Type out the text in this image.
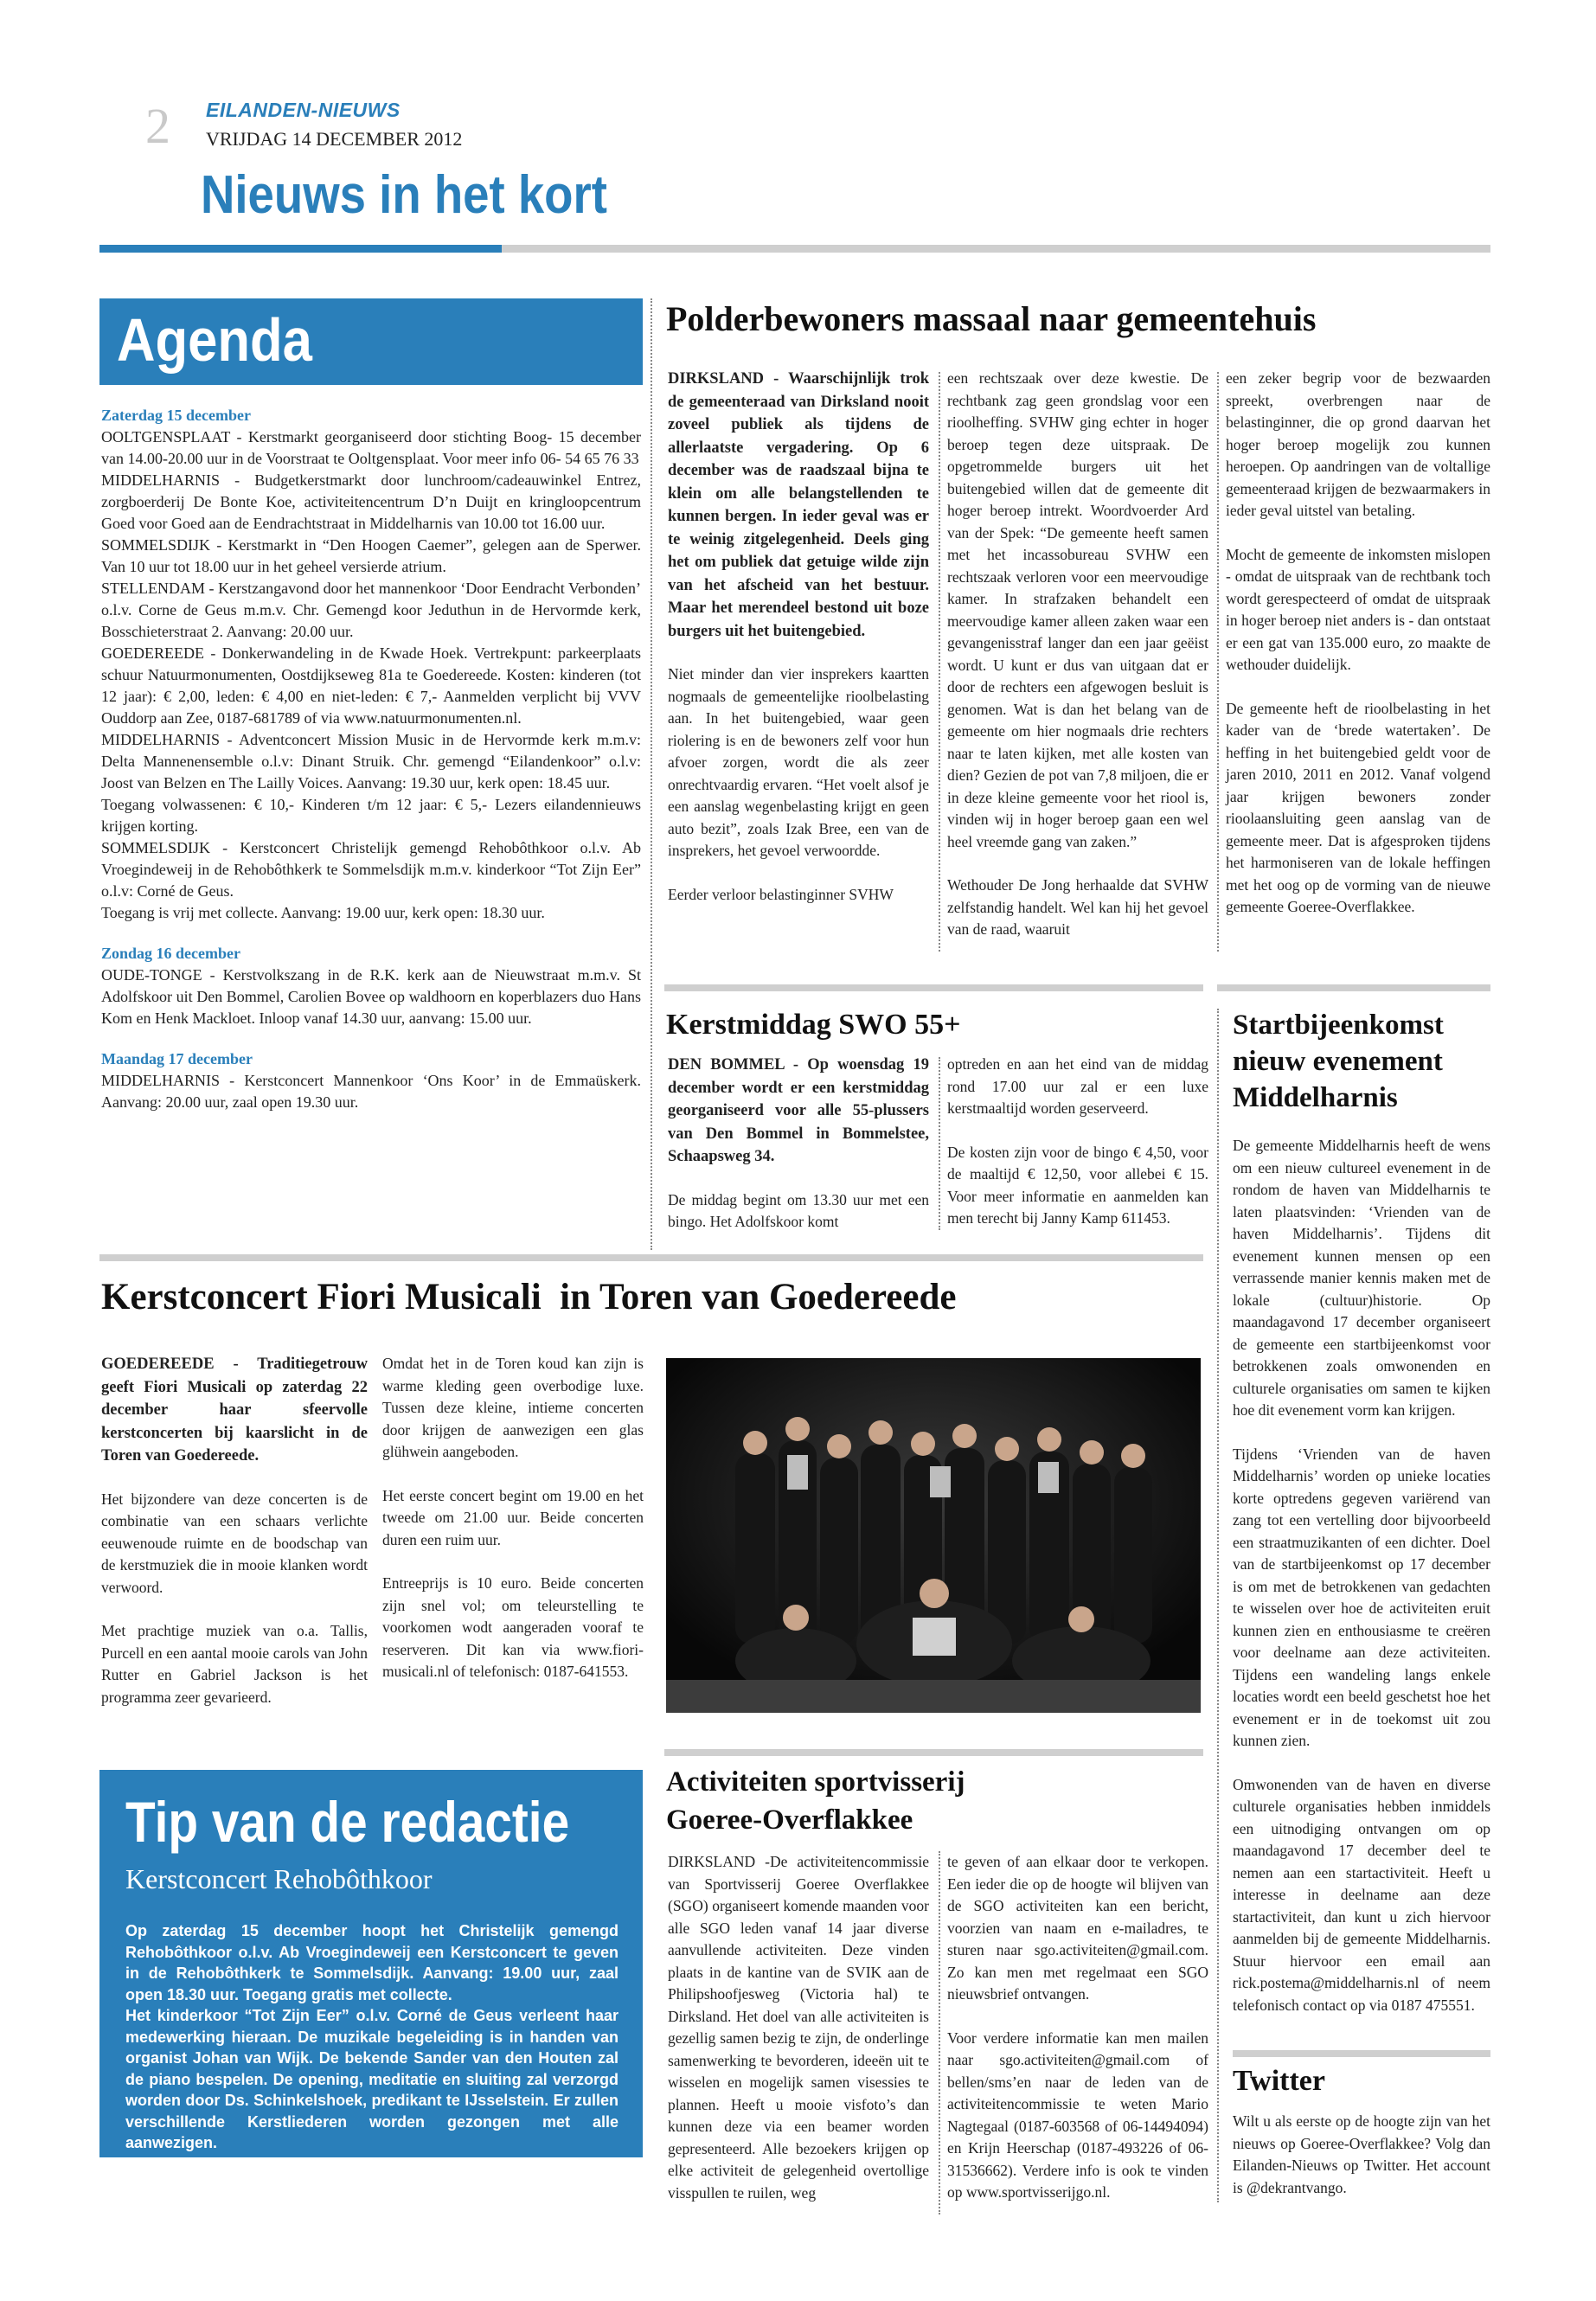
2 EILANDEN-NIEUWS
VRIJDAG 14 DECEMBER 2012
Nieuws in het kort
Agenda

Zaterdag 15 december

OOLTGENSPLAAT - Kerstmarkt georganiseerd door stichting Boog- 15 december van 14.00-20.00 uur in de Voorstraat te Ooltgensplaat. Voor meer info 06- 54 65 76 33
MIDDELHARNIS - Budgetkerstmarkt door lunchroom/cadeauwinkel Entrez, zorgboerderij De Bonte Koe, activiteitencentrum D’n Duijt en kringloopcentrum Goed voor Goed aan de Eendrachtstraat in Middelharnis van 10.00 tot 16.00 uur.
SOMMELSDIJK - Kerstmarkt in “Den Hoogen Caemer”, gelegen aan de Sperwer. Van 10 uur tot 18.00 uur in het geheel versierde atrium.
STELLENDAM - Kerstzangavond door het mannenkoor ‘Door Eendracht Verbonden’ o.l.v. Corne de Geus m.m.v. Chr. Gemengd koor Jeduthun in de Hervormde kerk, Bosschieterstraat 2. Aanvang: 20.00 uur.
GOEDEREEDE - Donkerwandeling in de Kwade Hoek. Vertrekpunt: parkeerplaats schuur Natuurmonumenten, Oostdijkseweg 81a te Goedereede. Kosten: kinderen (tot 12 jaar): € 2,00, leden: € 4,00 en niet-leden: € 7,- Aanmelden verplicht bij VVV Ouddorp aan Zee, 0187-681789 of via www.natuurmonumenten.nl.
MIDDELHARNIS - Adventconcert Mission Music in de Hervormde kerk m.m.v: Delta Mannenensemble o.l.v: Dinant Struik. Chr. gemengd “Eilandenkoor” o.l.v: Joost van Belzen en The Lailly Voices. Aanvang: 19.30 uur, kerk open: 18.45 uur.
Toegang volwassenen: € 10,- Kinderen t/m 12 jaar: € 5,- Lezers eilandennieuws krijgen korting.
SOMMELSDIJK - Kerstconcert Christelijk gemengd Rehobôthkoor o.l.v. Ab Vroegindeweij in de Rehobôthkerk te Sommelsdijk m.m.v. kinderkoor “Tot Zijn Eer” o.l.v: Corné de Geus.
Toegang is vrij met collecte. Aanvang: 19.00 uur, kerk open: 18.30 uur.

Zondag 16 december

OUDE-TONGE - Kerstvolkszang in de R.K. kerk aan de Nieuwstraat m.m.v. St Adolfskoor uit Den Bommel, Carolien Bovee op waldhoorn en koperblazers duo Hans Kom en Henk Mackloet. Inloop vanaf 14.30 uur, aanvang: 15.00 uur.

Maandag 17 december

MIDDELHARNIS - Kerstconcert Mannenkoor ‘Ons Koor’ in de Emmaüskerk. Aanvang: 20.00 uur, zaal open 19.30 uur.

Polderbewoners massaal naar gemeentehuis

DIRKSLAND - Waarschijnlijk trok de gemeenteraad van Dirksland nooit zoveel publiek als tijdens de allerlaatste vergadering. Op 6 december was de raadszaal bijna te klein om alle belangstellenden te kunnen bergen. In ieder geval was er te weinig zitgelegenheid. Deels ging het om publiek dat getuige wilde zijn van het afscheid van het bestuur. Maar het merendeel bestond uit boze burgers uit het buitengebied.

Niet minder dan vier insprekers kaartten nogmaals de gemeentelijke rioolbelasting aan. In het buitengebied, waar geen riolering is en de bewoners zelf voor hun afvoer zorgen, wordt die als zeer onrechtvaardig ervaren. “Het voelt alsof je een aanslag wegenbelasting krijgt en geen auto bezit”, zoals Izak Bree, een van de insprekers, het gevoel verwoordde.

Eerder verloor belastinginner SVHW

een rechtszaak over deze kwestie. De rechtbank zag geen grondslag voor een rioolheffing. SVHW ging echter in hoger beroep tegen deze uitspraak. De opgetrommelde burgers uit het buitengebied willen dat de gemeente dit hoger beroep intrekt. Woordvoerder Ard van der Spek: “De gemeente heeft samen met het incassobureau SVHW een rechtszaak verloren voor een meervoudige kamer. In strafzaken behandelt een meervoudige kamer alleen zaken waar een gevangenisstraf langer dan een jaar geëist wordt. U kunt er dus van uitgaan dat er door de rechters een afgewogen besluit is genomen. Wat is dan het belang van de gemeente om hier nogmaals drie rechters naar te laten kijken, met alle kosten van dien? Gezien de pot van 7,8 miljoen, die er in deze kleine gemeente voor het riool is, vinden wij in hoger beroep gaan een wel heel vreemde gang van zaken.”

Wethouder De Jong herhaalde dat SVHW zelfstandig handelt. Wel kan hij het gevoel van de raad, waaruit

een zeker begrip voor de bezwaarden spreekt, overbrengen naar de belastinginner, die op grond daarvan het hoger beroep mogelijk zou kunnen heroepen. Op aandringen van de voltallige gemeenteraad krijgen de bezwaarmakers in ieder geval uitstel van betaling.

Mocht de gemeente de inkomsten mislopen - omdat de uitspraak van de rechtbank toch wordt gerespecteerd of omdat de uitspraak in hoger beroep niet anders is - dan ontstaat er een gat van 135.000 euro, zo maakte de wethouder duidelijk.

De gemeente heft de rioolbelasting in het kader van de ‘brede watertaken’. De heffing in het buitengebied geldt voor de jaren 2010, 2011 en 2012. Vanaf volgend jaar krijgen bewoners zonder rioolaansluiting geen aanslag van de gemeente meer. Dat is afgesproken tijdens het harmoniseren van de lokale heffingen met het oog op de vorming van de nieuwe gemeente Goeree-Overflakkee.

Kerstmiddag SWO 55+

DEN BOMMEL - Op woensdag 19 december wordt er een kerstmiddag georganiseerd voor alle 55-plussers van Den Bommel in Bommelstee, Schaapsweg 34.

De middag begint om 13.30 uur met een bingo. Het Adolfskoor komt

optreden en aan het eind van de middag rond 17.00 uur zal er een luxe kerstmaaltijd worden geserveerd.

De kosten zijn voor de bingo € 4,50, voor de maaltijd € 12,50, voor allebei € 15. Voor meer informatie en aanmelden kan men terecht bij Janny Kamp 611453.

Startbijeenkomst
nieuw evenement
Middelharnis

De gemeente Middelharnis heeft de wens om een nieuw cultureel evenement in de rondom de haven van Middelharnis te laten plaatsvinden: ‘Vrienden van de haven Middelharnis’. Tijdens dit evenement kunnen mensen op een verrassende manier kennis maken met de lokale (cultuur)historie. Op maandagavond 17 december organiseert de gemeente een startbijeenkomst voor betrokkenen zoals omwonenden en culturele organisaties om samen te kijken hoe dit evenement vorm kan krijgen.

Tijdens ‘Vrienden van de haven Middelharnis’ worden op unieke locaties korte optredens gegeven variërend van zang tot een vertelling door bijvoorbeeld een straatmuzikanten of een dichter. Doel van de startbijeenkomst op 17 december is om met de betrokkenen van gedachten te wisselen over hoe de activiteiten eruit kunnen zien en enthousiasme te creëren voor deelname aan deze activiteiten. Tijdens een wandeling langs enkele locaties wordt een beeld geschetst hoe het evenement er in de toekomst uit zou kunnen zien.

Omwonenden van de haven en diverse culturele organisaties hebben inmiddels een uitnodiging ontvangen om op maandagavond 17 december deel te nemen aan een startactiviteit. Heeft u interesse in deelname aan deze startactiviteit, dan kunt u zich hiervoor aanmelden bij de gemeente Middelharnis. Stuur hiervoor een email aan rick.postema@middelharnis.nl of neem telefonisch contact op via 0187 475551.

Twitter

Wilt u als eerste op de hoogte zijn van het nieuws op Goeree-Overflakkee? Volg dan Eilanden-Nieuws op Twitter. Het account is @dekrantvango.

Kerstconcert Fiori Musicali  in Toren van Goedereede

GOEDEREEDE - Traditiegetrouw geeft Fiori Musicali op zaterdag 22 december haar sfeervolle kerstconcerten bij kaarslicht in de Toren van Goedereede.

Het bijzondere van deze concerten is de combinatie van een schaars verlichte eeuwenoude ruimte en de boodschap van de kerstmuziek die in mooie klanken wordt verwoord.

Met prachtige muziek van o.a. Tallis, Purcell en een aantal mooie carols van John Rutter en Gabriel Jackson is het programma zeer gevarieerd.

Omdat het in de Toren koud kan zijn is warme kleding geen overbodige luxe. Tussen deze kleine, intieme concerten door krijgen de aanwezigen een glas glühwein aangeboden.

Het eerste concert begint om 19.00 en het tweede om 21.00 uur. Beide concerten duren een ruim uur.

Entreeprijs is 10 euro. Beide concerten zijn snel vol; om teleurstelling te voorkomen wodt aangeraden vooraf te reserveren. Dit kan via www.fiori-musicali.nl of telefonisch: 0187-641553.

Tip van de redactie
Kerstconcert Rehobôthkoor
Op zaterdag 15 december hoopt het Christelijk gemengd Rehobôthkoor o.l.v. Ab Vroegindeweij een Kerstconcert te geven in de Rehobôthkerk te Sommelsdijk. Aanvang: 19.00 uur, zaal open 18.30 uur. Toegang gratis met collecte.
Het kinderkoor “Tot Zijn Eer” o.l.v. Corné de Geus verleent haar medewerking hieraan. De muzikale begeleiding is in handen van organist Johan van Wijk. De bekende Sander van den Houten zal de piano bespelen. De opening, meditatie en sluiting zal verzorgd worden door Ds. Schinkelshoek, predikant te IJsselstein. Er zullen verschillende Kerstliederen worden gezongen met alle aanwezigen.
Activiteiten sportvisserij
Goeree-Overflakkee

DIRKSLAND -De activiteitencommissie van Sportvisserij Goeree Overflakkee (SGO) organiseert komende maanden voor alle SGO leden vanaf 14 jaar diverse aanvullende activiteiten. Deze vinden plaats in de kantine van de SVIK aan de Philipshoofjesweg (Victoria hal) te Dirksland. Het doel van alle activiteiten is gezellig samen bezig te zijn, de onderlinge samenwerking te bevorderen, ideeën uit te wisselen en mogelijk samen visessies te plannen. Heeft u mooie visfoto’s dan kunnen deze via een beamer worden gepresenteerd. Alle bezoekers krijgen op elke activiteit de gelegenheid overtollige visspullen te ruilen, weg

te geven of aan elkaar door te verkopen. Een ieder die op de hoogte wil blijven van de SGO activiteiten kan een bericht, voorzien van naam en e-mailadres, te sturen naar sgo.activiteiten@gmail.com. Zo kan men met regelmaat een SGO nieuwsbrief ontvangen.

Voor verdere informatie kan men mailen naar sgo.activiteiten@gmail.com of bellen/sms’en naar de leden van de activiteitencommissie te weten Mario Nagtegaal (0187-603568 of 06-14494094) en Krijn Heerschap (0187-493226 of 06-31536662). Verdere info is ook te vinden op www.sportvisserijgo.nl.
